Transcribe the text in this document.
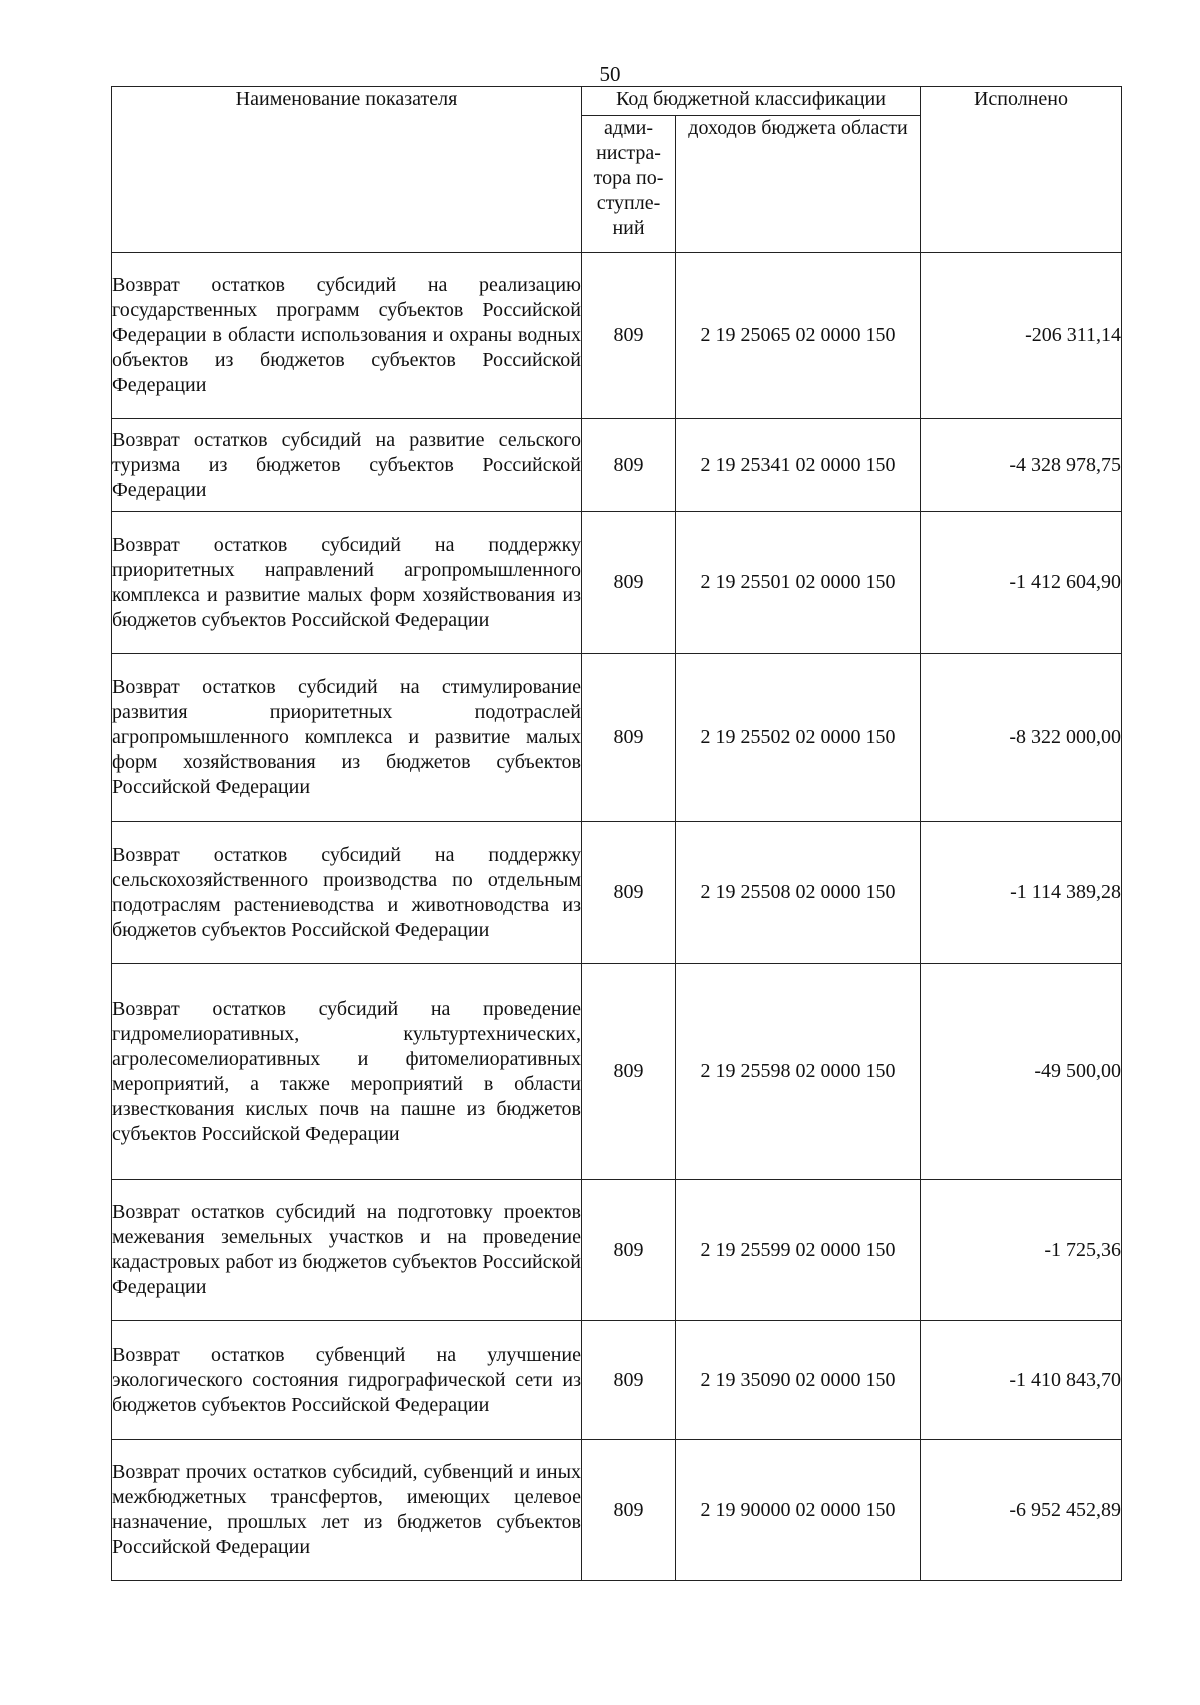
50
Наименование показателя	Код бюджетной классификации		Исполнено
	адми-нистра-тора по-ступле-ний	доходов бюджета области	
Возврат остатков субсидий на реализацию государственных программ субъектов Российской Федерации в области использования и охраны водных объектов из бюджетов субъектов Российской Федерации	809	2 19 25065 02 0000 150	-206 311,14
Возврат остатков субсидий на развитие сельского туризма из бюджетов субъектов Российской Федерации	809	2 19 25341 02 0000 150	-4 328 978,75
Возврат остатков субсидий на поддержку приоритетных направлений агропромышленного комплекса и развитие малых форм хозяйствования из бюджетов субъектов Российской Федерации	809	2 19 25501 02 0000 150	-1 412 604,90
Возврат остатков субсидий на стимулирование развития приоритетных подотраслей агропромышленного комплекса и развитие малых форм хозяйствования из бюджетов субъектов Российской Федерации	809	2 19 25502 02 0000 150	-8 322 000,00
Возврат остатков субсидий на поддержку сельскохозяйственного производства по отдельным подотраслям растениеводства и животноводства из бюджетов субъектов Российской Федерации	809	2 19 25508 02 0000 150	-1 114 389,28
Возврат остатков субсидий на проведение гидромелиоративных, культуртехнических, агролесомелиоративных и фитомелиоративных мероприятий, а также мероприятий в области известкования кислых почв на пашне из бюджетов субъектов Российской Федерации	809	2 19 25598 02 0000 150	-49 500,00
Возврат остатков субсидий на подготовку проектов межевания земельных участков и на проведение кадастровых работ из бюджетов субъектов Российской Федерации	809	2 19 25599 02 0000 150	-1 725,36
Возврат остатков субвенций на улучшение экологического состояния гидрографической сети из бюджетов субъектов Российской Федерации	809	2 19 35090 02 0000 150	-1 410 843,70
Возврат прочих остатков субсидий, субвенций и иных межбюджетных трансфертов, имеющих целевое назначение, прошлых лет из бюджетов субъектов Российской Федерации	809	2 19 90000 02 0000 150	-6 952 452,89
